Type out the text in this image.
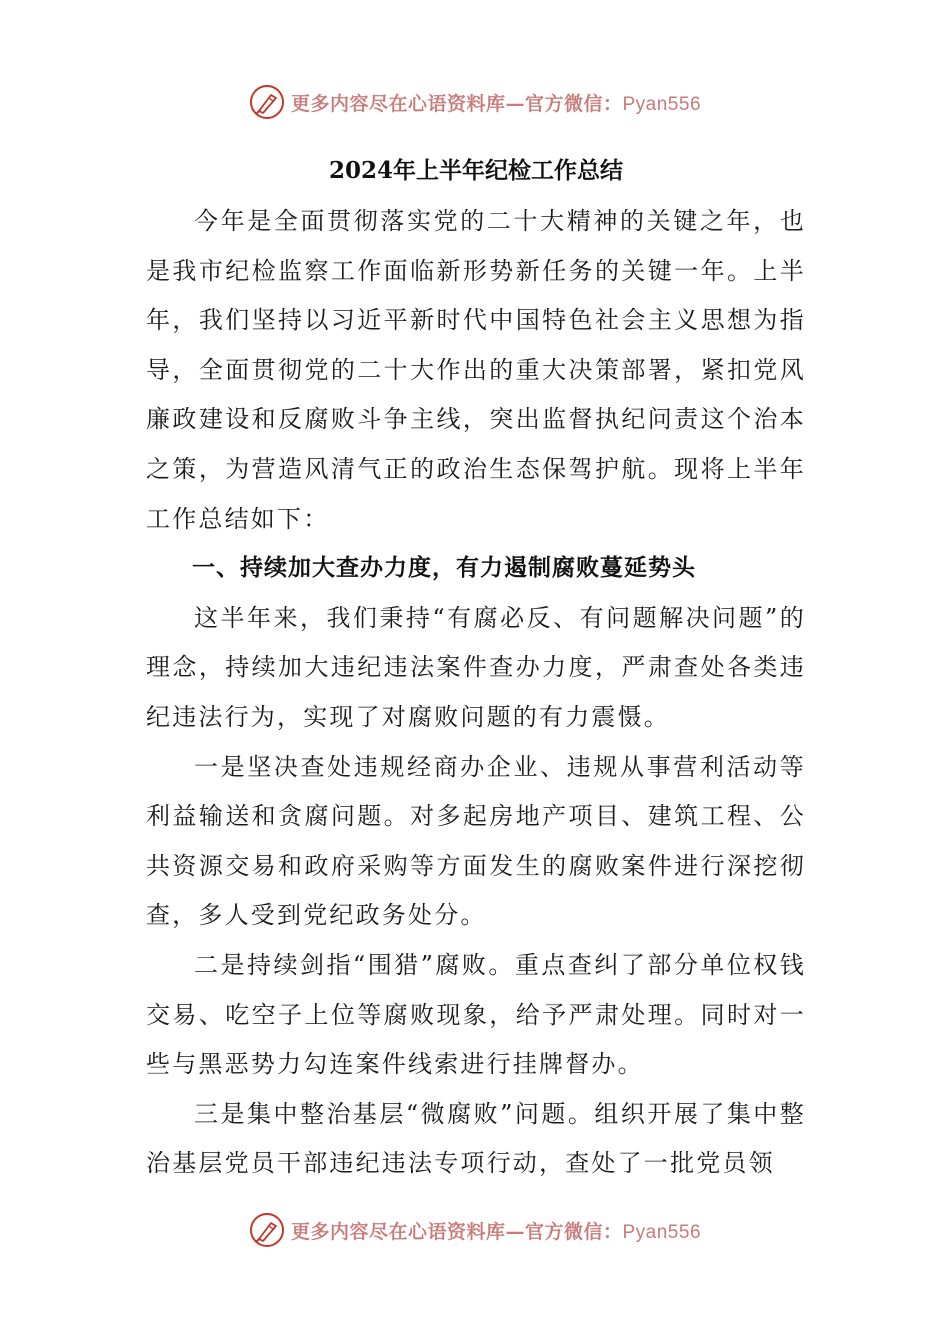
更多内容尽在心语资料库—官方微信：Pyan556
2024年上半年纪检工作总结

今年是全面贯彻落实党的二十大精神的关键之年，也是我市纪检监察工作面临新形势新任务的关键一年。上半年，我们坚持以习近平新时代中国特色社会主义思想为指导，全面贯彻党的二十大作出的重大决策部署，紧扣党风廉政建设和反腐败斗争主线，突出监督执纪问责这个治本之策，为营造风清气正的政治生态保驾护航。现将上半年工作总结如下：

一、持续加大查办力度，有力遏制腐败蔓延势头

这半年来，我们秉持“有腐必反、有问题解决问题”的理念，持续加大违纪违法案件查办力度，严肃查处各类违纪违法行为，实现了对腐败问题的有力震慑。

一是坚决查处违规经商办企业、违规从事营利活动等利益输送和贪腐问题。对多起房地产项目、建筑工程、公共资源交易和政府采购等方面发生的腐败案件进行深挖彻查，多人受到党纪政务处分。

二是持续剑指“围猎”腐败。重点查纠了部分单位权钱交易、吃空子上位等腐败现象，给予严肃处理。同时对一些与黑恶势力勾连案件线索进行挂牌督办。

三是集中整治基层“微腐败”问题。组织开展了集中整治基层党员干部违纪违法专项行动，查处了一批党员领

更多内容尽在心语资料库—官方微信：Pyan556
